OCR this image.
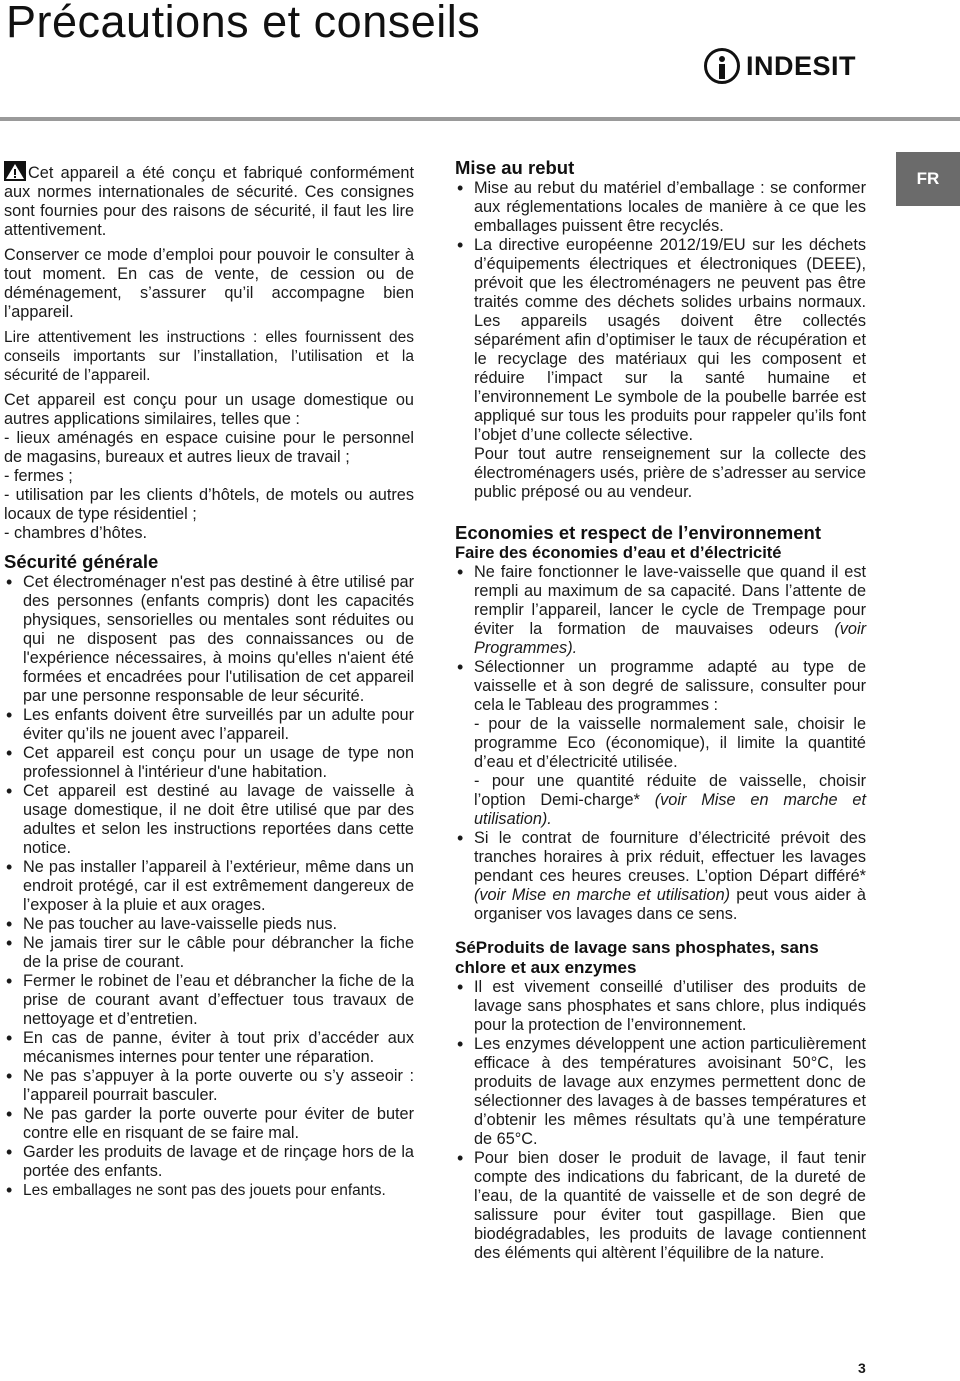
Précautions et conseils
INDESIT
FR

Cet appareil a été conçu et fabriqué conformément aux normes internationales de sécurité. Ces consignes sont fournies pour des raisons de sécurité, il faut les lire attentivement.

Conserver ce mode d’emploi pour pouvoir le consulter à tout moment. En cas de vente, de cession ou de déménagement, s’assurer qu’il accompagne bien l’appareil.

Lire attentivement les instructions : elles fournissent des conseils importants sur l’installation, l’utilisation et la sécurité de l’appareil.

Cet appareil est conçu pour un usage domestique ou autres applications similaires, telles que :

- lieux aménagés en espace cuisine pour le personnel de magasins, bureaux et autres lieux de travail ;
- fermes ;
- utilisation par les clients d’hôtels, de motels ou autres locaux de type résidentiel ;
- chambres d’hôtes.
Sécurité générale
• Cet électroménager n'est pas destiné à être utilisé par des personnes (enfants compris) dont les capacités physiques, sensorielles ou mentales sont réduites ou qui ne disposent pas des connaissances ou de l'expérience nécessaires, à moins qu'elles n'aient été formées et encadrées pour l'utilisation de cet appareil par une personne responsable de leur sécurité.
• Les enfants doivent être surveillés par un adulte pour éviter qu’ils ne jouent avec l’appareil.
• Cet appareil est conçu pour un usage de type non professionnel à l'intérieur d'une habitation.
• Cet appareil est destiné au lavage de vaisselle à usage domestique, il ne doit être utilisé que par des adultes et selon les instructions reportées dans cette notice.
• Ne pas installer l’appareil à l’extérieur, même dans un endroit protégé, car il est extrêmement dangereux de l’exposer à la pluie et aux orages.
• Ne pas toucher au lave-vaisselle pieds nus.
• Ne jamais tirer sur le câble pour débrancher la fiche de la prise de courant.
• Fermer le robinet de l’eau et débrancher la fiche de la prise de courant avant d’effectuer tous travaux de nettoyage et d’entretien.
• En cas de panne, éviter à tout prix d’accéder aux mécanismes internes pour tenter une réparation.
• Ne pas s’appuyer à la porte ouverte ou s’y asseoir : l’appareil pourrait basculer.
• Ne pas garder la porte ouverte pour éviter de buter contre elle en risquant de se faire mal.
• Garder les produits de lavage et de rinçage hors de la portée des enfants.
• Les emballages ne sont pas des jouets pour enfants.
Mise au rebut
• Mise au rebut du matériel d’emballage : se conformer aux réglementations locales de manière à ce que les emballages puissent être recyclés.
• La directive européenne 2012/19/EU sur les déchets d’équipements électriques et électroniques (DEEE), prévoit que les électroménagers ne peuvent pas être traités comme des déchets solides urbains normaux. Les appareils usagés doivent être collectés séparément afin d’optimiser le taux de récupération et le recyclage des matériaux qui les composent et réduire l’impact sur la santé humaine et l’environnement Le symbole de la poubelle barrée est appliqué sur tous les produits pour rappeler qu’ils font l’objet d’une collecte sélective.

Pour tout autre renseignement sur la collecte des électroménagers usés, prière de s’adresser au service public préposé ou au vendeur.

Economies et respect de l’environnement
Faire des économies d’eau et d’électricité
• Ne faire fonctionner le lave-vaisselle que quand il est rempli au maximum de sa capacité. Dans l’attente de remplir l’appareil, lancer le cycle de Trempage pour éviter la formation de mauvaises odeurs (voir Programmes).
• Sélectionner un programme adapté au type de vaisselle et à son degré de salissure, consulter pour cela le Tableau des programmes :
- pour de la vaisselle normalement sale, choisir le programme Eco (économique), il limite la quantité d’eau et d’électricité utilisée.
- pour une quantité réduite de vaisselle, choisir l’option Demi-charge* (voir Mise en marche et utilisation).
• Si le contrat de fourniture d’électricité prévoit des tranches horaires à prix réduit, effectuer les lavages pendant ces heures creuses. L’option Départ différé* (voir Mise en marche et utilisation) peut vous aider à organiser vos lavages dans ce sens.
SéProduits de lavage sans phosphates, sans chlore et aux enzymes
• Il est vivement conseillé d’utiliser des produits de lavage sans phosphates et sans chlore, plus indiqués pour la protection de l’environnement.
• Les enzymes développent une action particulièrement efficace à des températures avoisinant 50°C, les produits de lavage aux enzymes permettent donc de sélectionner des lavages à de basses températures et d’obtenir les mêmes résultats qu’à une température de 65°C.
• Pour bien doser le produit de lavage, il faut tenir compte des indications du fabricant, de la dureté de l’eau, de la quantité de vaisselle et de son degré de salissure pour éviter tout gaspillage. Bien que biodégradables, les produits de lavage contiennent des éléments qui altèrent l’équilibre de la nature.
3
